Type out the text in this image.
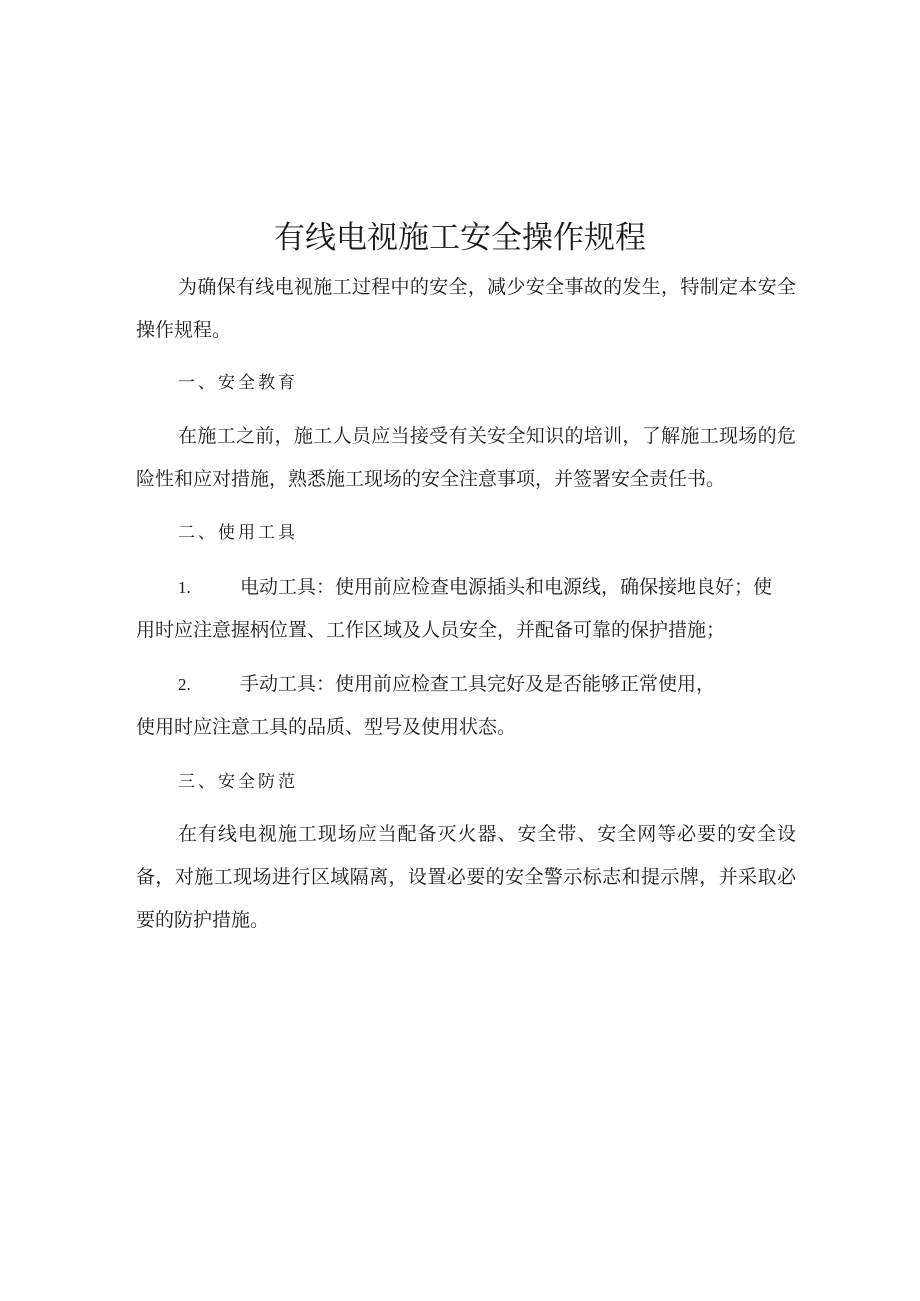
有线电视施工安全操作规程

为确保有线电视施工过程中的安全，减少安全事故的发生，特制定本安全操作规程。

一、安全教育

在施工之前，施工人员应当接受有关安全知识的培训，了解施工现场的危险性和应对措施，熟悉施工现场的安全注意事项，并签署安全责任书。

二、使用工具

1.	电动工具：使用前应检查电源插头和电源线，确保接地良好；使
用时应注意握柄位置、工作区域及人员安全，并配备可靠的保护措施；
2.	手动工具：使用前应检查工具完好及是否能够正常使用，
使用时应注意工具的品质、型号及使用状态。

三、安全防范

在有线电视施工现场应当配备灭火器、安全带、安全网等必要的安全设备，对施工现场进行区域隔离，设置必要的安全警示标志和提示牌，并采取必要的防护措施。
